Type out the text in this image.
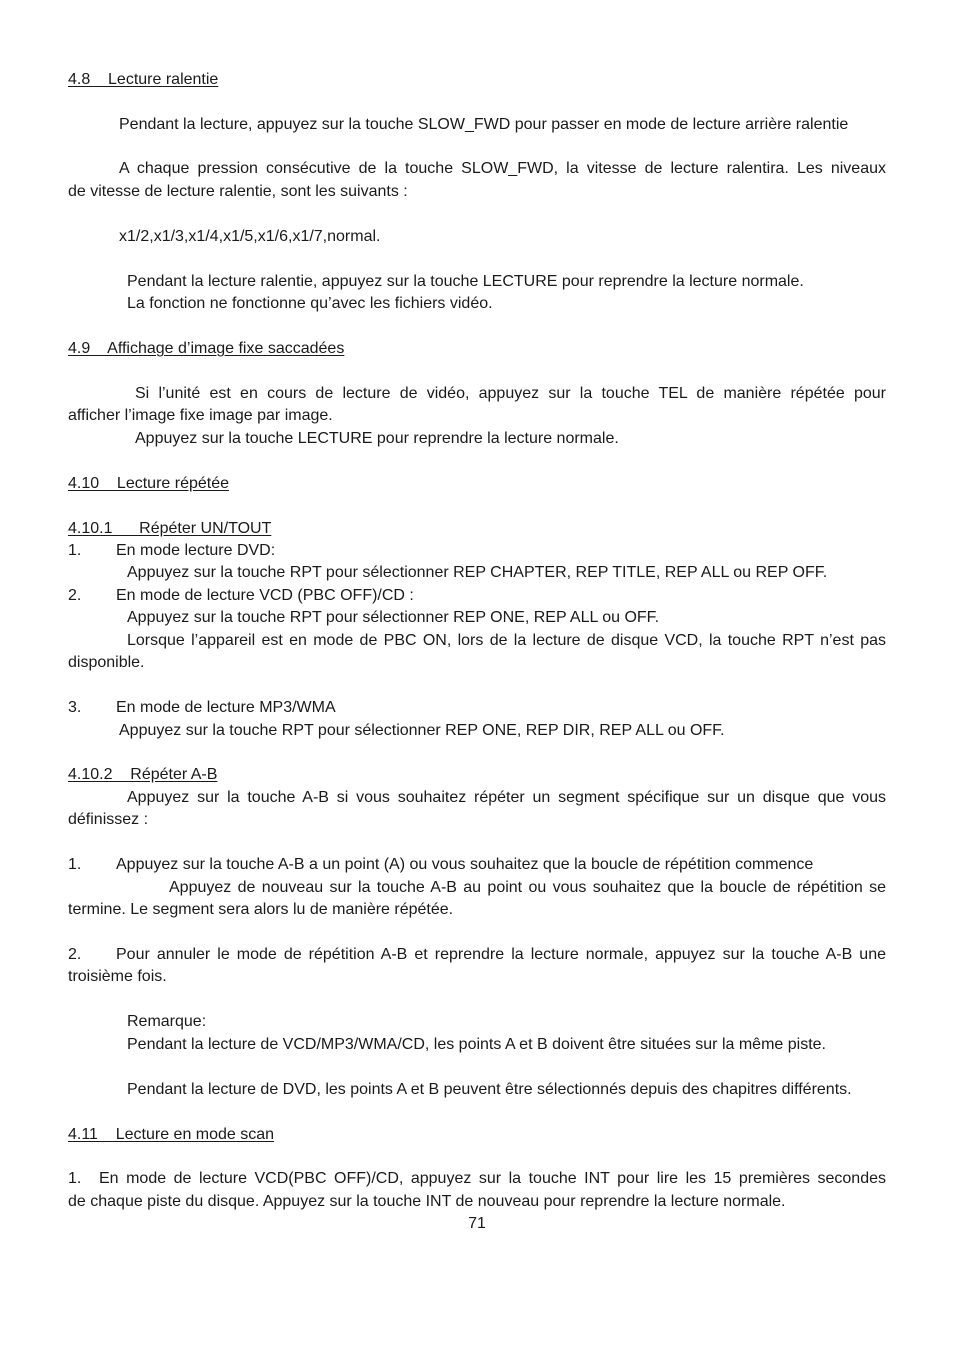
4.8    Lecture ralentie
Pendant la lecture, appuyez sur la touche SLOW_FWD pour passer en mode de lecture arrière ralentie
A chaque pression consécutive de la touche SLOW_FWD, la vitesse de lecture ralentira. Les niveaux
de vitesse de lecture ralentie, sont les suivants :
x1/2,x1/3,x1/4,x1/5,x1/6,x1/7,normal.
Pendant la lecture ralentie, appuyez sur la touche LECTURE pour reprendre la lecture normale.
La fonction ne fonctionne qu’avec les fichiers vidéo.
4.9    Affichage d’image fixe saccadées
Si l’unité est en cours de lecture de vidéo, appuyez sur la touche TEL de manière répétée pour
afficher l’image fixe image par image.
Appuyez sur la touche LECTURE pour reprendre la lecture normale.
4.10    Lecture répétée
4.10.1      Répéter UN/TOUT
1. En mode lecture DVD:
Appuyez sur la touche RPT pour sélectionner REP CHAPTER, REP TITLE, REP ALL ou REP OFF.
2. En mode de lecture VCD (PBC OFF)/CD :
Appuyez sur la touche RPT pour sélectionner REP ONE, REP ALL ou OFF.
Lorsque l’appareil est en mode de PBC ON, lors de la lecture de disque VCD, la touche RPT n’est pas
disponible.
3. En mode de lecture MP3/WMA
Appuyez sur la touche RPT pour sélectionner REP ONE, REP DIR, REP ALL ou OFF.
4.10.2    Répéter A-B
Appuyez sur la touche A-B si vous souhaitez répéter un segment spécifique sur un disque que vous
définissez :
1. Appuyez sur la touche A-B a un point (A) ou vous souhaitez que la boucle de répétition commence
Appuyez de nouveau sur la touche A-B au point ou vous souhaitez que la boucle de répétition se
termine. Le segment sera alors lu de manière répétée.
2. Pour annuler le mode de répétition A-B et reprendre la lecture normale, appuyez sur la touche A-B une
troisième fois.
Remarque:
Pendant la lecture de VCD/MP3/WMA/CD, les points A et B doivent être situées sur la même piste.
Pendant la lecture de DVD, les points A et B peuvent être sélectionnés depuis des chapitres différents.
4.11    Lecture en mode scan
1. En mode de lecture VCD(PBC OFF)/CD, appuyez sur la touche INT pour lire les 15 premières secondes
de chaque piste du disque. Appuyez sur la touche INT de nouveau pour reprendre la lecture normale.
71
